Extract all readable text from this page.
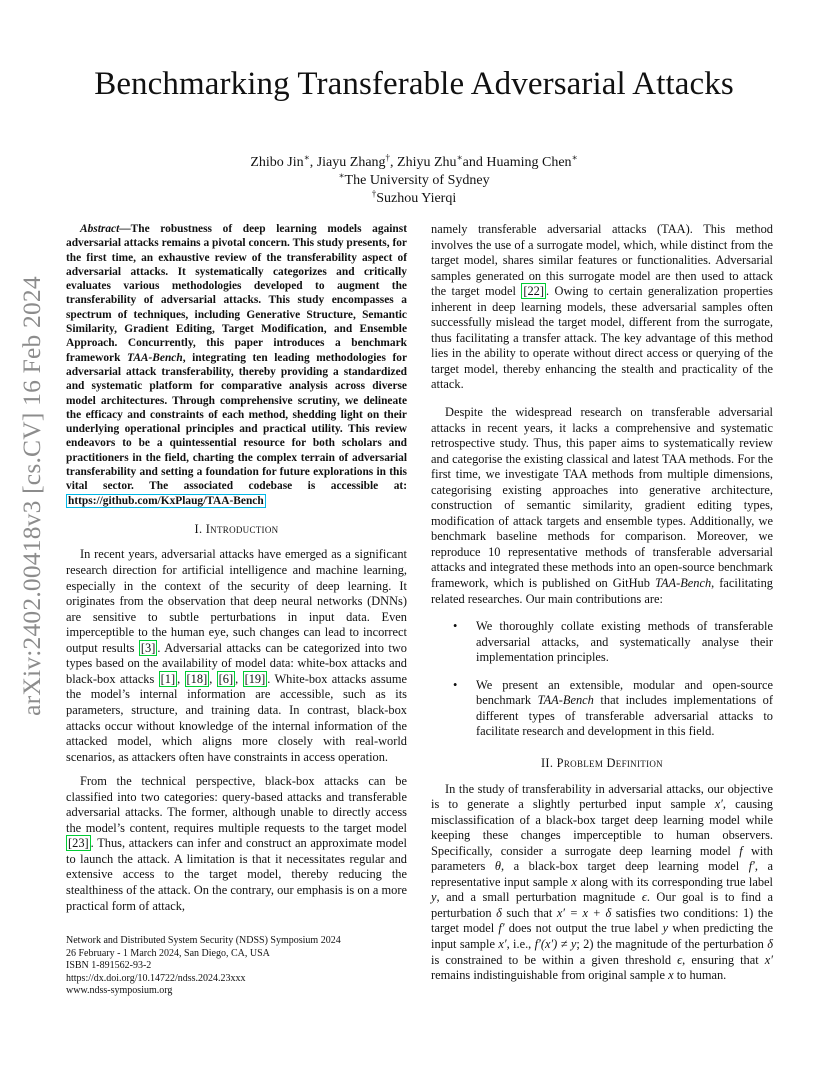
arXiv:2402.00418v3 [cs.CV] 16 Feb 2024
Benchmarking Transferable Adversarial Attacks
Zhibo Jin∗, Jiayu Zhang†, Zhiyu Zhu∗and Huaming Chen∗
∗The University of Sydney
†Suzhou Yierqi

Abstract—The robustness of deep learning models against adversarial attacks remains a pivotal concern. This study presents, for the first time, an exhaustive review of the transferability aspect of adversarial attacks. It systematically categorizes and critically evaluates various methodologies developed to augment the transferability of adversarial attacks. This study encompasses a spectrum of techniques, including Generative Structure, Semantic Similarity, Gradient Editing, Target Modification, and Ensemble Approach. Concurrently, this paper introduces a benchmark framework TAA-Bench, integrating ten leading methodologies for adversarial attack transferability, thereby providing a standardized and systematic platform for comparative analysis across diverse model architectures. Through comprehensive scrutiny, we delineate the efficacy and constraints of each method, shedding light on their underlying operational principles and practical utility. This review endeavors to be a quintessential resource for both scholars and practitioners in the field, charting the complex terrain of adversarial transferability and setting a foundation for future explorations in this vital sector. The associated codebase is accessible at: https://github.com/KxPlaug/TAA-Bench

I. Introduction

In recent years, adversarial attacks have emerged as a significant research direction for artificial intelligence and machine learning, especially in the context of the security of deep learning. It originates from the observation that deep neural networks (DNNs) are sensitive to subtle perturbations in input data. Even imperceptible to the human eye, such changes can lead to incorrect output results [3] . Adversarial attacks can be categorized into two types based on the availability of model data: white-box attacks and black-box attacks [1] , [18] , [6] , [19] . White-box attacks assume the model’s internal information are accessible, such as its parameters, structure, and training data. In contrast, black-box attacks occur without knowledge of the internal information of the attacked model, which aligns more closely with real-world scenarios, as attackers often have constraints in access operation.

From the technical perspective, black-box attacks can be classified into two categories: query-based attacks and transferable adversarial attacks. The former, although unable to directly access the model’s content, requires multiple requests to the target model [23] . Thus, attackers can infer and construct an approximate model to launch the attack. A limitation is that it necessitates regular and extensive access to the target model, thereby reducing the stealthiness of the attack. On the contrary, our emphasis is on a more practical form of attack,

namely transferable adversarial attacks (TAA). This method involves the use of a surrogate model, which, while distinct from the target model, shares similar features or functionalities. Adversarial samples generated on this surrogate model are then used to attack the target model [22] . Owing to certain generalization properties inherent in deep learning models, these adversarial samples often successfully mislead the target model, different from the surrogate, thus facilitating a transfer attack. The key advantage of this method lies in the ability to operate without direct access or querying of the target model, thereby enhancing the stealth and practicality of the attack.

Despite the widespread research on transferable adversarial attacks in recent years, it lacks a comprehensive and systematic retrospective study. Thus, this paper aims to systematically review and categorise the existing classical and latest TAA methods. For the first time, we investigate TAA methods from multiple dimensions, categorising existing approaches into generative architecture, construction of semantic similarity, gradient editing types, modification of attack targets and ensemble types. Additionally, we benchmark baseline methods for comparison. Moreover, we reproduce 10 representative methods of transferable adversarial attacks and integrated these methods into an open-source benchmark framework, which is published on GitHub TAA-Bench, facilitating related researches. Our main contributions are:

• We thoroughly collate existing methods of transferable adversarial attacks, and systematically analyse their implementation principles.
• We present an extensible, modular and open-source benchmark TAA-Bench that includes implementations of different types of transferable adversarial attacks to facilitate research and development in this field.
II. Problem Definition

In the study of transferability in adversarial attacks, our objective is to generate a slightly perturbed input sample x′, causing misclassification of a black-box target deep learning model while keeping these changes imperceptible to human observers. Specifically, consider a surrogate deep learning model f with parameters θ, a black-box target deep learning model f′, a representative input sample x along with its corresponding true label y, and a small perturbation magnitude ϵ. Our goal is to find a perturbation δ such that x′ = x + δ satisfies two conditions: 1) the target model f′ does not output the true label y when predicting the input sample x′, i.e., f′(x′) ≠ y; 2) the magnitude of the perturbation δ is constrained to be within a given threshold ϵ, ensuring that x′ remains indistinguishable from original sample x to human.

Network and Distributed System Security (NDSS) Symposium 2024
26 February - 1 March 2024, San Diego, CA, USA
ISBN 1-891562-93-2
https://dx.doi.org/10.14722/ndss.2024.23xxx
www.ndss-symposium.org
